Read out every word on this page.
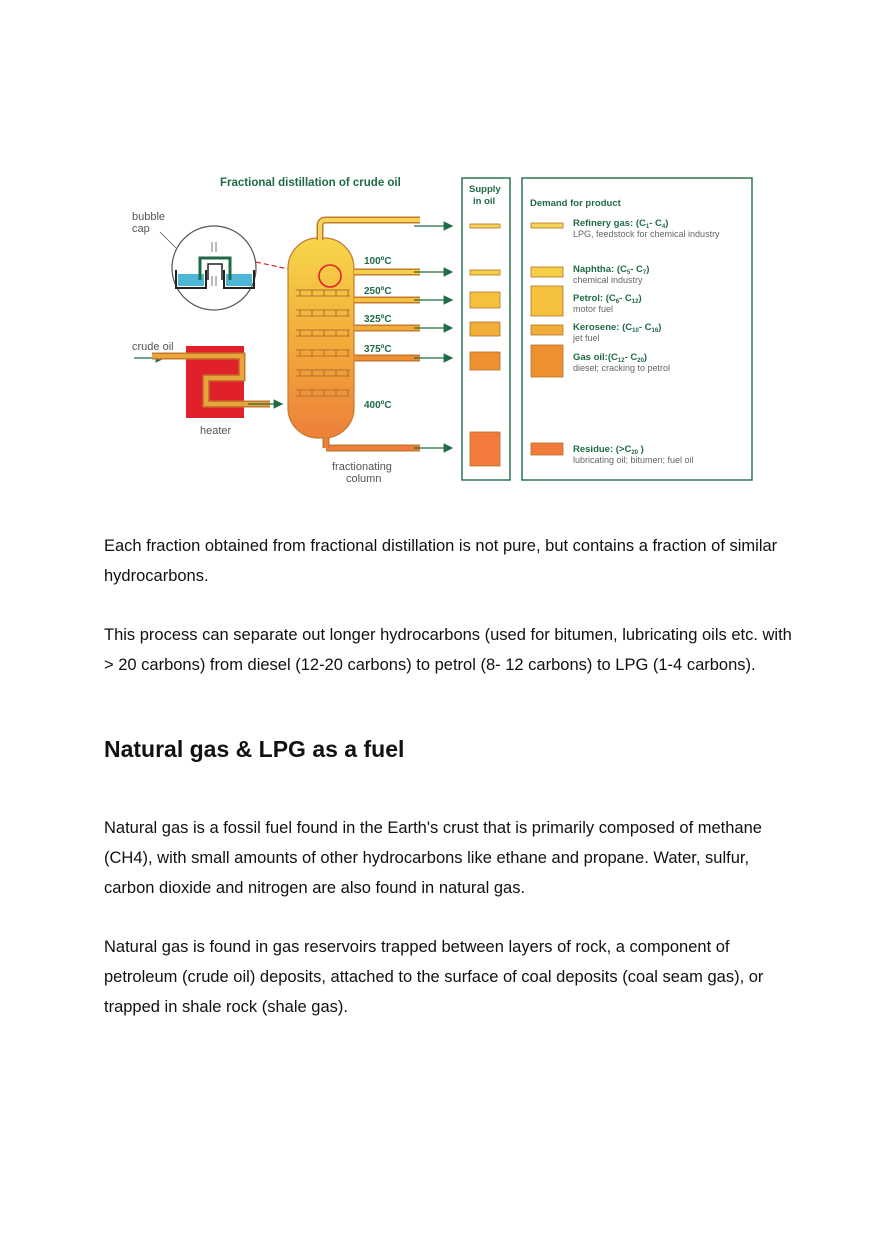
Fractional distillation of crude oil
bubble
cap
crude oil
heater
100ºC
250ºC
325ºC
375ºC
400ºC
fractionating
column
Supply
in oil	Demand for product
Refinery gas: ($C_1-$ $C_4$)
LPG, feedstock for chemical industry
Naphtha: ($C_5-$ $C_7$)
chemical industry
Petrol: ($C_6-$ $C_{12}$)
motor fuel
Kerosene: ($C_{10}-$ $C_{16}$)
jet fuel
Gas $oil:(C_{12}-$ $C_{20}$)
diesel; cracking to petrol
Residue: ($>C_{20}$ )
lubricating oil; bitumen; fuel oil

Each fraction obtained from fractional distillation is not pure, but contains a fraction of similar hydrocarbons.

This process can separate out longer hydrocarbons (used for bitumen, lubricating oils etc. with > 20 carbons) from diesel (12-20 carbons) to petrol (8- 12 carbons) to LPG (1-4 carbons).

Natural gas & LPG as a fuel

Natural gas is a fossil fuel found in the Earth's crust that is primarily composed of methane (CH4), with small amounts of other hydrocarbons like ethane and propane. Water, sulfur, carbon dioxide and nitrogen are also found in natural gas.

Natural gas is found in gas reservoirs trapped between layers of rock, a component of petroleum (crude oil) deposits, attached to the surface of coal deposits (coal seam gas), or trapped in shale rock (shale gas).
